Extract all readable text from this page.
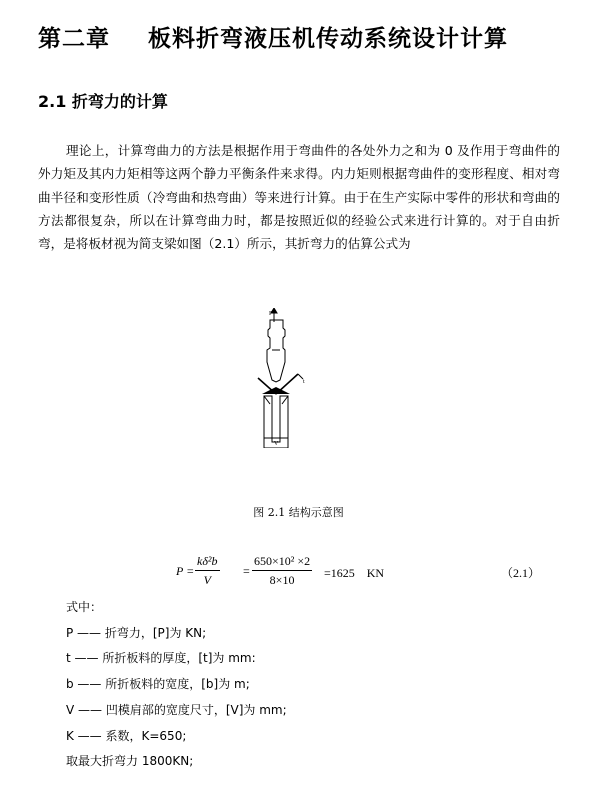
第二章 板料折弯液压机传动系统设计计算
2.1 折弯力的计算

理论上，计算弯曲力的方法是根据作用于弯曲件的各处外力之和为 0 及作用于弯曲件的外力矩及其内力矩相等这两个静力平衡条件来求得。内力矩则根据弯曲件的变形程度、相对弯曲半径和变形性质（冷弯曲和热弯曲）等来进行计算。由于在生产实际中零件的形状和弯曲的方法都很复杂，所以在计算弯曲力时，都是按照近似的经验公式来进行计算的。对于自由折弯，是将板材视为简支梁如图（2.1）所示，其折弯力的估算公式为

P
t
V
图 2.1 结构示意图
$P = \frac{\text{kδ²b}}{V} = \frac{\text{650×10² ×2}}{8\times 10} =1625$　KN	（2.1）
式中：
P —— 折弯力，[P]为 KN;
t —— 所折板料的厚度，[t]为 mm:
b —— 所折板料的宽度，[b]为 m;
V —— 凹模肩部的宽度尺寸，[V]为 mm;
K —— 系数，K=650;
取最大折弯力 1800KN;
